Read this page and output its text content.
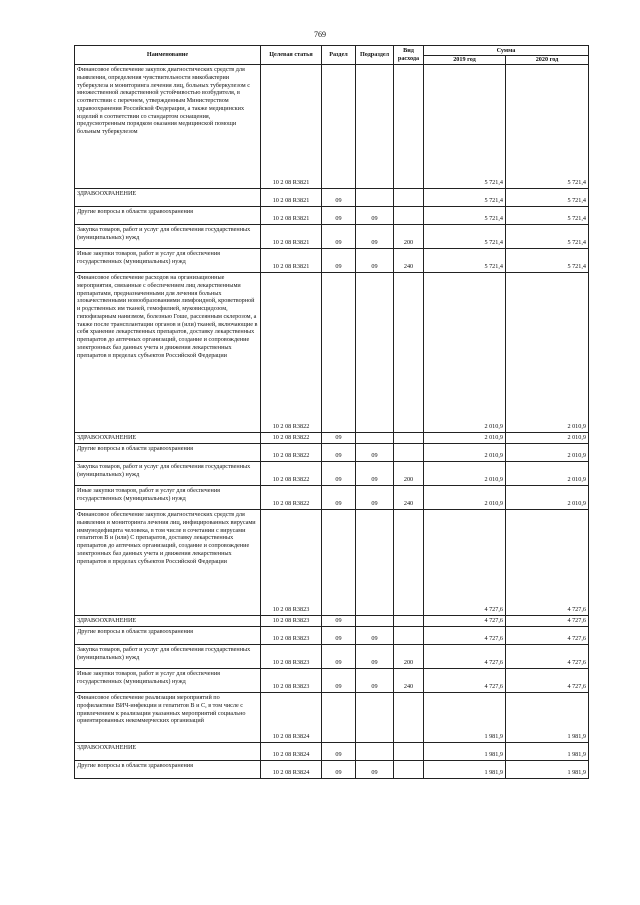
769
Наименование	Целевая статья	Раздел	Подраздел	Вид расхода	Сумма	
					2019 год	2020 год
Финансовое обеспечение закупок диагностических средств для выявления, определения чувствительности микобактерии туберкулеза и мониторинга лечения лиц, больных туберкулезом с множественной лекарственной устойчивостью возбудителя, в соответствии с перечнем, утвержденным Министерством здравоохранения Российской Федерации, а также медицинских изделий в соответствии со стандартом оснащения, предусмотренным порядком оказания медицинской помощи больным туберкулезом	10 2 08 R3821				5 721,4	5 721,4
ЗДРАВООХРАНЕНИЕ	10 2 08 R3821	09			5 721,4	5 721,4
Другие вопросы в области здравоохранения	10 2 08 R3821	09	09		5 721,4	5 721,4
Закупка товаров, работ и услуг для обеспечения государственных (муниципальных) нужд	10 2 08 R3821	09	09	200	5 721,4	5 721,4
Иные закупки товаров, работ и услуг для обеспечения государственных (муниципальных) нужд	10 2 08 R3821	09	09	240	5 721,4	5 721,4
Финансовое обеспечение расходов на организационные мероприятия, связанные с обеспечением лиц лекарственными препаратами, предназначенными для лечения больных злокачественными новообразованиями лимфоидной, кроветворной и родственных им тканей, гемофилией, муковисцидозом, гипофизарным нанизмом, болезнью Гоше, рассеянным склерозом, а также после трансплантации органов и (или) тканей, включающие в себя хранение лекарственных препаратов, доставку лекарственных препаратов до аптечных организаций, создание и сопровождение электронных баз данных учета и движения лекарственных препаратов в пределах субъектов Российской Федерации	10 2 08 R3822				2 010,9	2 010,9
ЗДРАВООХРАНЕНИЕ	10 2 08 R3822	09			2 010,9	2 010,9
Другие вопросы в области здравоохранения	10 2 08 R3822	09	09		2 010,9	2 010,9
Закупка товаров, работ и услуг для обеспечения государственных (муниципальных) нужд	10 2 08 R3822	09	09	200	2 010,9	2 010,9
Иные закупки товаров, работ и услуг для обеспечения государственных (муниципальных) нужд	10 2 08 R3822	09	09	240	2 010,9	2 010,9
Финансовое обеспечение закупок диагностических средств для выявления и мониторинга лечения лиц, инфицированных вирусами иммунодефицита человека, в том числе в сочетании с вирусами гепатитов В и (или) С препаратов, доставку лекарственных препаратов до аптечных организаций, создание и сопровождение электронных баз данных учета и движения лекарственных препаратов в пределах субъектов Российской Федерации	10 2 08 R3823				4 727,6	4 727,6
ЗДРАВООХРАНЕНИЕ	10 2 08 R3823	09			4 727,6	4 727,6
Другие вопросы в области здравоохранения	10 2 08 R3823	09	09		4 727,6	4 727,6
Закупка товаров, работ и услуг для обеспечения государственных (муниципальных) нужд	10 2 08 R3823	09	09	200	4 727,6	4 727,6
Иные закупки товаров, работ и услуг для обеспечения государственных (муниципальных) нужд	10 2 08 R3823	09	09	240	4 727,6	4 727,6
Финансовое обеспечение реализации мероприятий по профилактике ВИЧ-инфекции и гепатитов В и С, в том числе с привлечением к реализации указанных мероприятий социально ориентированных некоммерческих организаций	10 2 08 R3824				1 981,9	1 981,9
ЗДРАВООХРАНЕНИЕ	10 2 08 R3824	09			1 981,9	1 981,9
Другие вопросы в области здравоохранения	10 2 08 R3824	09	09		1 981,9	1 981,9
